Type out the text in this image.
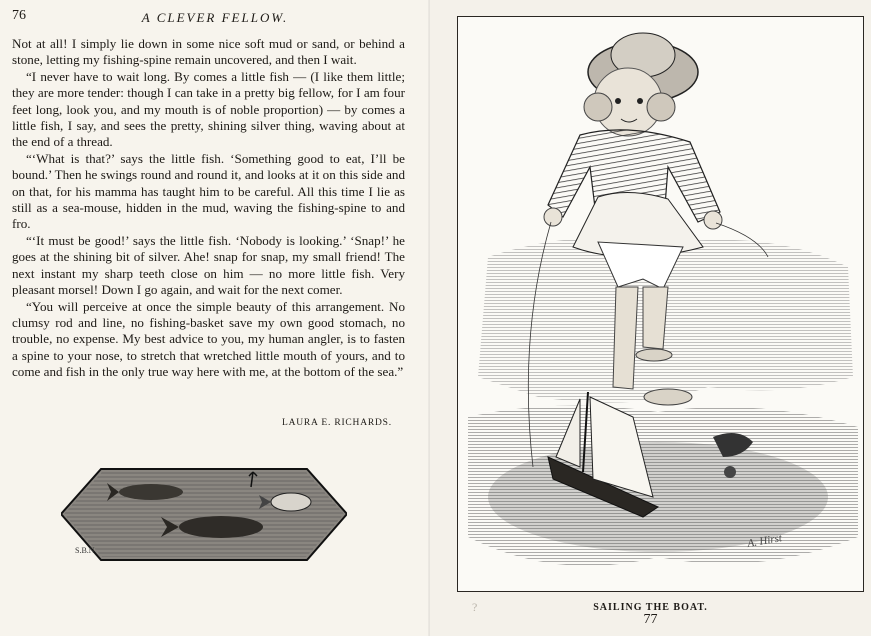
76	A CLEVER FELLOW.

Not at all! I simply lie down in some nice soft mud or sand, or behind a stone, letting my fishing-spine remain uncovered, and then I wait.

“I never have to wait long. By comes a little fish — (I like them little; they are more tender: though I can take in a pretty big fellow, for I am four feet long, look you, and my mouth is of noble proportion) — by comes a little fish, I say, and sees the pretty, shining silver thing, waving about at the end of a thread.

“‘What is that?’ says the little fish. ‘Something good to eat, I’ll be bound.’ Then he swings round and round it, and looks at it on this side and on that, for his mamma has taught him to be careful. All this time I lie as still as a sea-mouse, hidden in the mud, waving the fishing-spine to and fro.

“‘It must be good!’ says the little fish. ‘Nobody is looking.’ ‘Snap!’ he goes at the shining bit of silver. Ahe! snap for snap, my small friend! The next instant my sharp teeth close on him — no more little fish. Very pleasant morsel! Down I go again, and wait for the next comer.

“You will perceive at once the simple beauty of this arrangement. No clumsy rod and line, no fishing-basket save my own good stomach, no trouble, no expense. My best advice to you, my human angler, is to fasten a spine to your nose, to stretch that wretched little mouth of yours, and to come and fish in the only true way here with me, at the bottom of the sea.”

LAURA E. RICHARDS.
S.B.N.
?
A. Hirst
SAILING THE BOAT.
77
